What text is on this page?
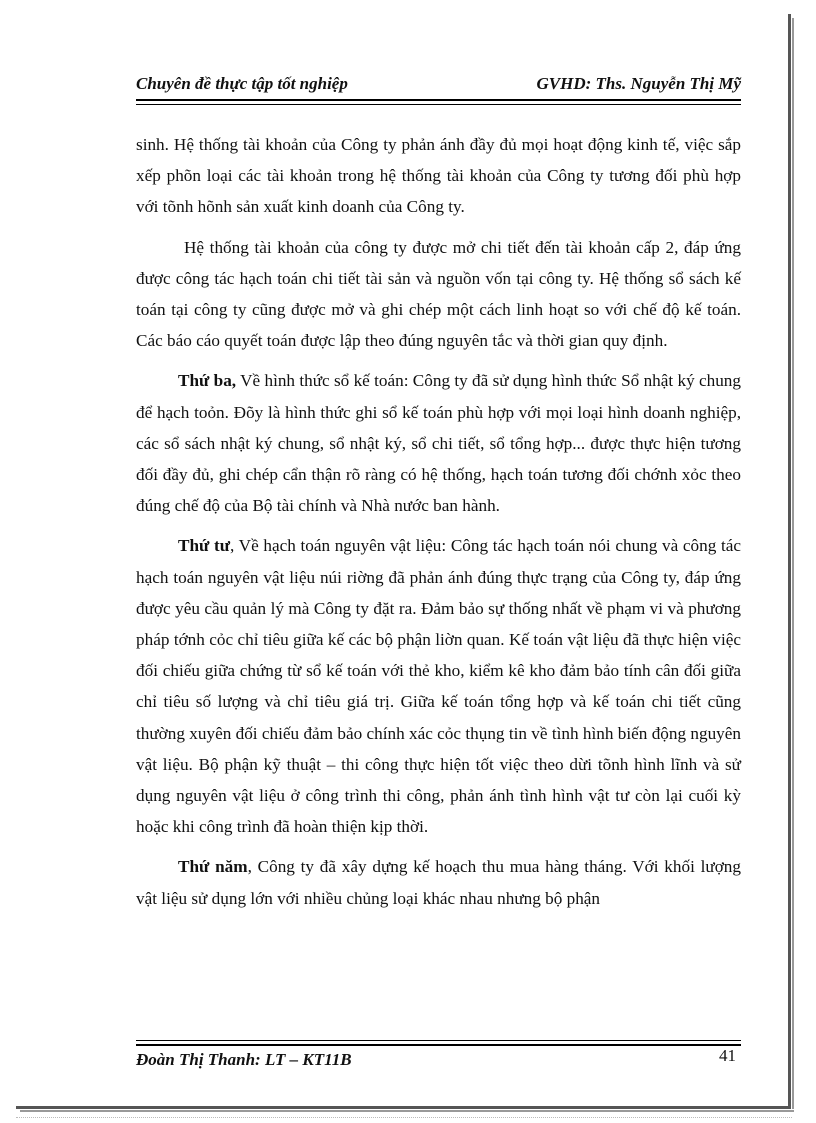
Chuyên đề thực tập tốt nghiệp	GVHD: Ths. Nguyễn Thị Mỹ

sinh. Hệ thống tài khoản của Công ty phản ánh đầy đủ mọi hoạt động kinh tế, việc sắp xếp phõn loại các tài khoản trong hệ thống tài khoản của Công ty tương đối phù hợp với tõnh hõnh sản xuất kinh doanh của Công ty.

Hệ thống tài khoản của công ty được mở chi tiết đến tài khoản cấp 2, đáp ứng được công tác hạch toán chi tiết tài sản và nguồn vốn tại công ty. Hệ thống sổ sách kế toán tại công ty cũng được mở và ghi chép một cách linh hoạt so với chế độ kế toán. Các báo cáo quyết toán được lập theo đúng nguyên tắc và thời gian quy định.

Thứ ba, Về hình thức sổ kế toán: Công ty đã sử dụng hình thức Sổ nhật ký chung để hạch toỏn. Đõy là hình thức ghi sổ kế toán phù hợp với mọi loại hình doanh nghiệp, các sổ sách nhật ký chung, sổ nhật ký, sổ chi tiết, sổ tổng hợp... được thực hiện tương đối đầy đủ, ghi chép cẩn thận rõ ràng có hệ thống, hạch toán tương đối chớnh xỏc theo đúng chế độ của Bộ tài chính và Nhà nước ban hành.

Thứ tư, Về hạch toán nguyên vật liệu: Công tác hạch toán nói chung và công tác hạch toán nguyên vật liệu núi riờng đã phản ánh đúng thực trạng của Công ty, đáp ứng được yêu cầu quản lý mà Công ty đặt ra. Đảm bảo sự thống nhất về phạm vi và phương pháp tớnh cỏc chỉ tiêu giữa kế các bộ phận liờn quan. Kế toán vật liệu đã thực hiện việc đối chiếu giữa chứng từ sổ kế toán với thẻ kho, kiểm kê kho đảm bảo tính cân đối giữa chỉ tiêu số lượng và chỉ tiêu giá trị. Giữa kế toán tổng hợp và kế toán chi tiết cũng thường xuyên đối chiếu đảm bảo chính xác cỏc thụng tin về tình hình biến động nguyên vật liệu. Bộ phận kỹ thuật – thi công thực hiện tốt việc theo dừi tõnh hình lĩnh và sử dụng nguyên vật liệu ở công trình thi công, phản ánh tình hình vật tư còn lại cuối kỳ hoặc khi công trình đã hoàn thiện kịp thời.

Thứ năm, Công ty đã xây dựng kế hoạch thu mua hàng tháng. Với khối lượng vật liệu sử dụng lớn với nhiều chủng loại khác nhau nhưng bộ phận

Đoàn Thị Thanh: LT – KT11B	41
